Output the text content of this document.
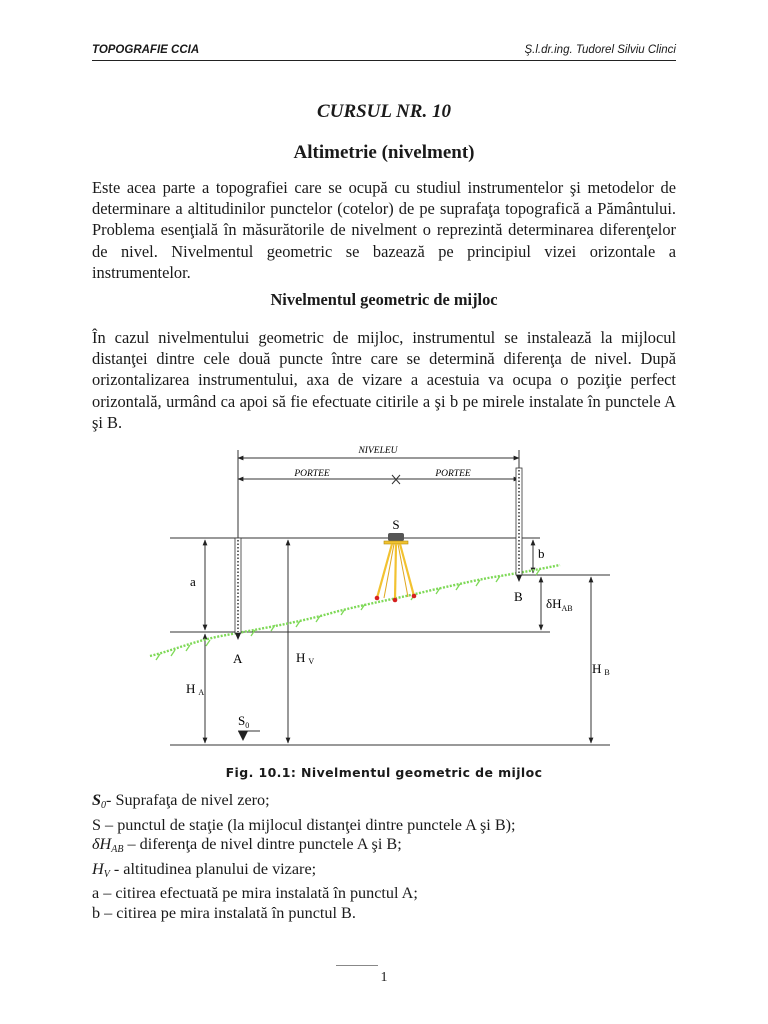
TOPOGRAFIE CCIA	Ş.l.dr.ing. Tudorel Silviu Clinci
CURSUL NR. 10
Altimetrie (nivelment)
Este acea parte a topografiei care se ocupă cu studiul instrumentelor şi metodelor de determinare a altitudinilor punctelor (cotelor) de pe suprafaţa topografică a Pământului. Problema esenţială în măsurătorile de nivelment o reprezintă determinarea diferenţelor de nivel. Nivelmentul geometric se bazează pe principiul vizei orizontale a instrumentelor.
Nivelmentul geometric de mijloc
În cazul nivelmentului geometric de mijloc, instrumentul se instalează la mijlocul distanţei dintre cele două puncte între care se determină diferenţa de nivel. După orizontalizarea instrumentului, axa de vizare a acestuia va ocupa o poziţie perfect orizontală, urmând ca apoi să fie efectuate citirile a şi b pe mirele instalate în punctele A şi B.
NIVELEU
PORTEE	PORTEE
S
a
b
A
B $\delta H_{AB}$
H V
H A
H B
$S_0$
Fig. 10.1: Nivelmentul geometric de mijloc
$S_0-$ Suprafaţa de nivel zero;
S – punctul de staţie (la mijlocul distanţei dintre punctele A şi B);
$\delta H_{AB}$ – diferenţa de nivel dintre punctele A şi B;
$H_V$ - altitudinea planului de vizare;
a – citirea efectuată pe mira instalată în punctul A;
b – citirea pe mira instalată în punctul B.
1
